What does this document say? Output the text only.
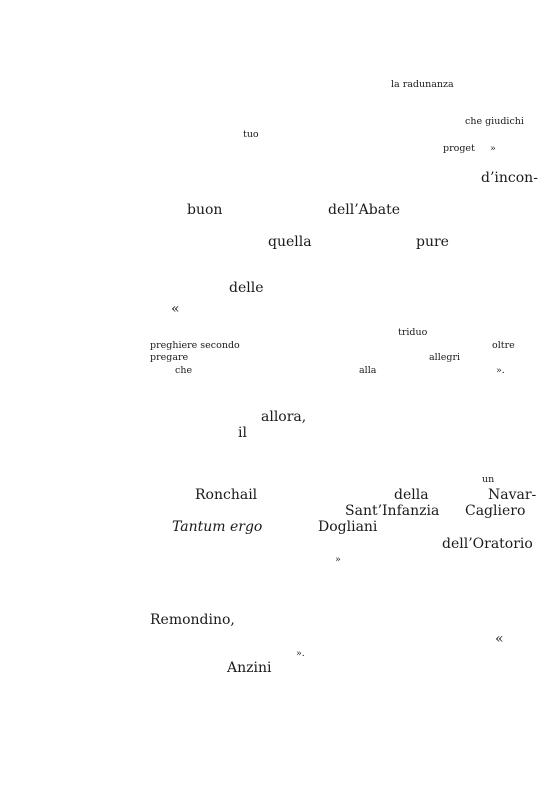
la radunanza
che giudichi
tuo
proget »
d’incon-
buon	dell’Abate
quella	pure
delle
«
triduo
preghiere secondo	oltre
pregare	allegri
che	alla	».
allora,
il
un
Ronchail	della	Navar-
Sant’Infanzia Cagliero
Tantum ergo	Dogliani
dell’Oratorio
»
Remondino,
«
».
Anzini
